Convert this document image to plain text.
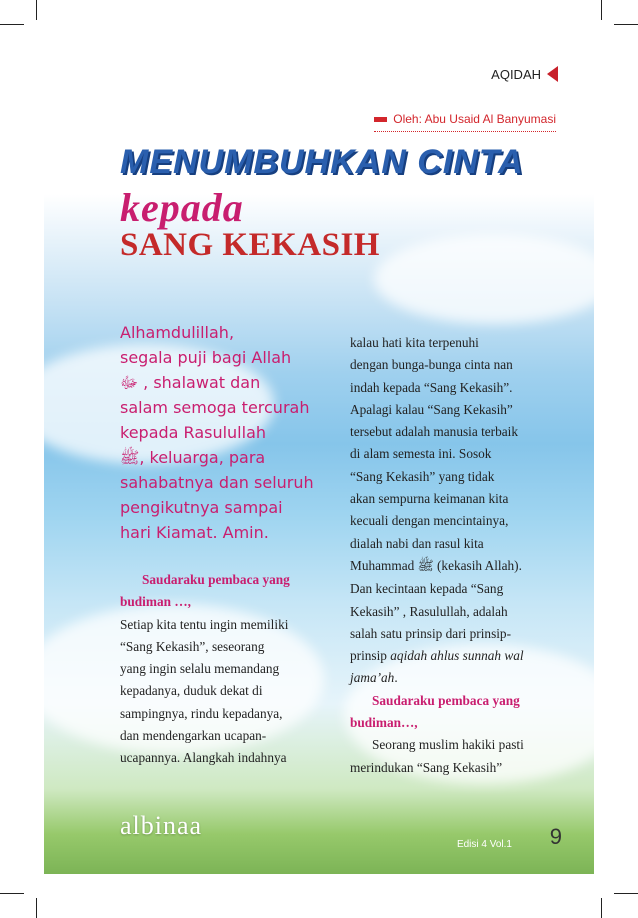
AQIDAH
Oleh: Abu Usaid Al Banyumasi
MENUMBUHKAN CINTA
kepada
SANG KEKASIH
Alhamdulillah,
segala puji bagi Allah
ﷻ , shalawat dan
salam semoga tercurah
kepada Rasulullah
ﷺ, keluarga, para
sahabatnya dan seluruh
pengikutnya sampai
hari Kiamat. Amin.
Saudaraku pembaca yang
budiman …,
Setiap kita tentu ingin memiliki
“Sang Kekasih”, seseorang
yang ingin selalu memandang
kepadanya, duduk dekat di
sampingnya, rindu kepadanya,
dan mendengarkan ucapan-
ucapannya. Alangkah indahnya
kalau hati kita terpenuhi
dengan bunga-bunga cinta nan
indah kepada “Sang Kekasih”.
Apalagi kalau “Sang Kekasih”
tersebut adalah manusia terbaik
di alam semesta ini. Sosok
“Sang Kekasih” yang tidak
akan sempurna keimanan kita
kecuali dengan mencintainya,
dialah nabi dan rasul kita
Muhammad ﷺ (kekasih Allah).
Dan kecintaan kepada “Sang
Kekasih” , Rasulullah, adalah
salah satu prinsip dari prinsip-
prinsip aqidah ahlus sunnah wal
jama’ah.
Saudaraku pembaca yang
budiman…,
Seorang muslim hakiki pasti
merindukan “Sang Kekasih”
albinaa
Edisi 4 Vol.1 9
